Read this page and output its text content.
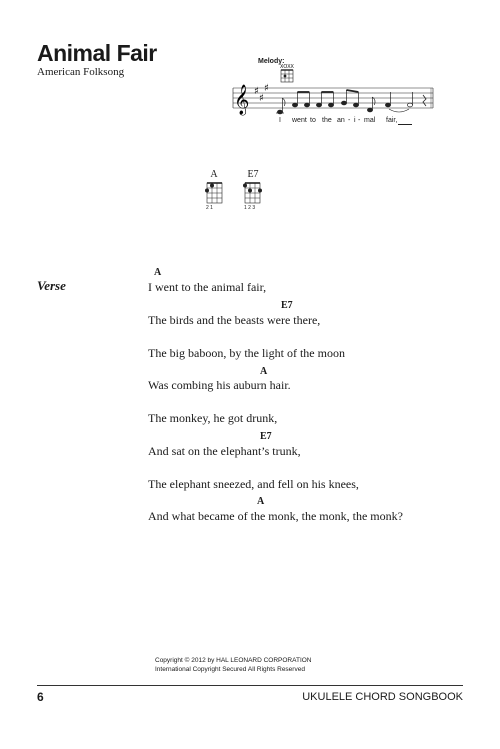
Animal Fair
American Folksong
Melody:
XOXX
𝄞 ♯
♯
♯
I went to the an - i - mal fair,
A
2 1
E7
1 2 3
Verse
A
I went to the animal fair,
E7
The birds and the beasts were there,
The big baboon, by the light of the moon
A
Was combing his auburn hair.
The monkey, he got drunk,
E7
And sat on the elephant’s trunk,
The elephant sneezed, and fell on his knees,
A
And what became of the monk, the monk, the monk?
Copyright © 2012 by HAL LEONARD CORPORATION
International Copyright Secured All Rights Reserved
6	UKULELE CHORD SONGBOOK
